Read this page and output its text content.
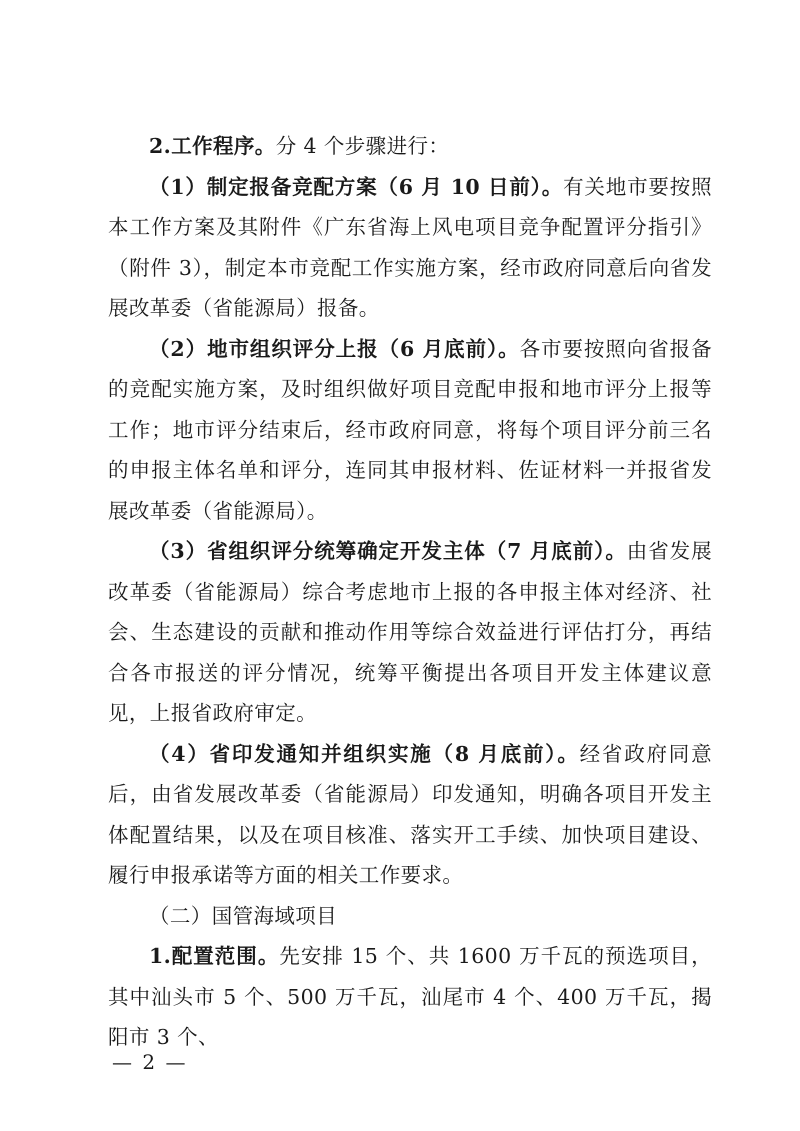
2.工作程序。分 4 个步骤进行：

（1）制定报备竞配方案（6 月 10 日前）。有关地市要按照本工作方案及其附件《广东省海上风电项目竞争配置评分指引》（附件 3），制定本市竞配工作实施方案，经市政府同意后向省发展改革委（省能源局）报备。

（2）地市组织评分上报（6 月底前）。各市要按照向省报备的竞配实施方案，及时组织做好项目竞配申报和地市评分上报等工作；地市评分结束后，经市政府同意，将每个项目评分前三名的申报主体名单和评分，连同其申报材料、佐证材料一并报省发展改革委（省能源局）。

（3）省组织评分统筹确定开发主体（7 月底前）。由省发展改革委（省能源局）综合考虑地市上报的各申报主体对经济、社会、生态建设的贡献和推动作用等综合效益进行评估打分，再结合各市报送的评分情况，统筹平衡提出各项目开发主体建议意见，上报省政府审定。

（4）省印发通知并组织实施（8 月底前）。经省政府同意后，由省发展改革委（省能源局）印发通知，明确各项目开发主体配置结果，以及在项目核准、落实开工手续、加快项目建设、履行申报承诺等方面的相关工作要求。

（二）国管海域项目

1.配置范围。先安排 15 个、共 1600 万千瓦的预选项目，其中汕头市 5 个、500 万千瓦，汕尾市 4 个、400 万千瓦，揭阳市 3 个、

— 2 —
